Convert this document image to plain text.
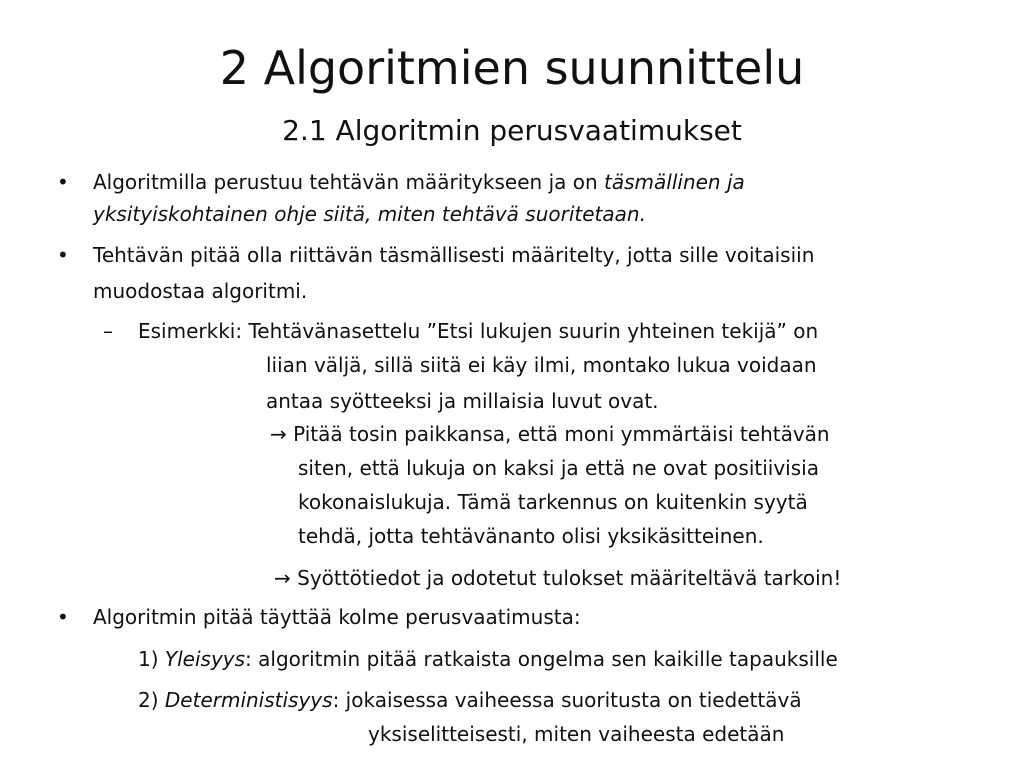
2 Algoritmien suunnittelu
2.1 Algoritmin perusvaatimukset
• Algoritmilla perustuu tehtävän määritykseen ja on täsmällinen ja
yksityiskohtainen ohje siitä, miten tehtävä suoritetaan.
• Tehtävän pitää olla riittävän täsmällisesti määritelty, jotta sille voitaisiin
muodostaa algoritmi.
– Esimerkki: Tehtävänasettelu ”Etsi lukujen suurin yhteinen tekijä” on
liian väljä, sillä siitä ei käy ilmi, montako lukua voidaan
antaa syötteeksi ja millaisia luvut ovat.
→ Pitää tosin paikkansa, että moni ymmärtäisi tehtävän
siten, että lukuja on kaksi ja että ne ovat positiivisia
kokonaislukuja. Tämä tarkennus on kuitenkin syytä
tehdä, jotta tehtävänanto olisi yksikäsitteinen.
→ Syöttötiedot ja odotetut tulokset määriteltävä tarkoin!
• Algoritmin pitää täyttää kolme perusvaatimusta:
1) Yleisyys: algoritmin pitää ratkaista ongelma sen kaikille tapauksille
2) Deterministisyys: jokaisessa vaiheessa suoritusta on tiedettävä
yksiselitteisesti, miten vaiheesta edetään
